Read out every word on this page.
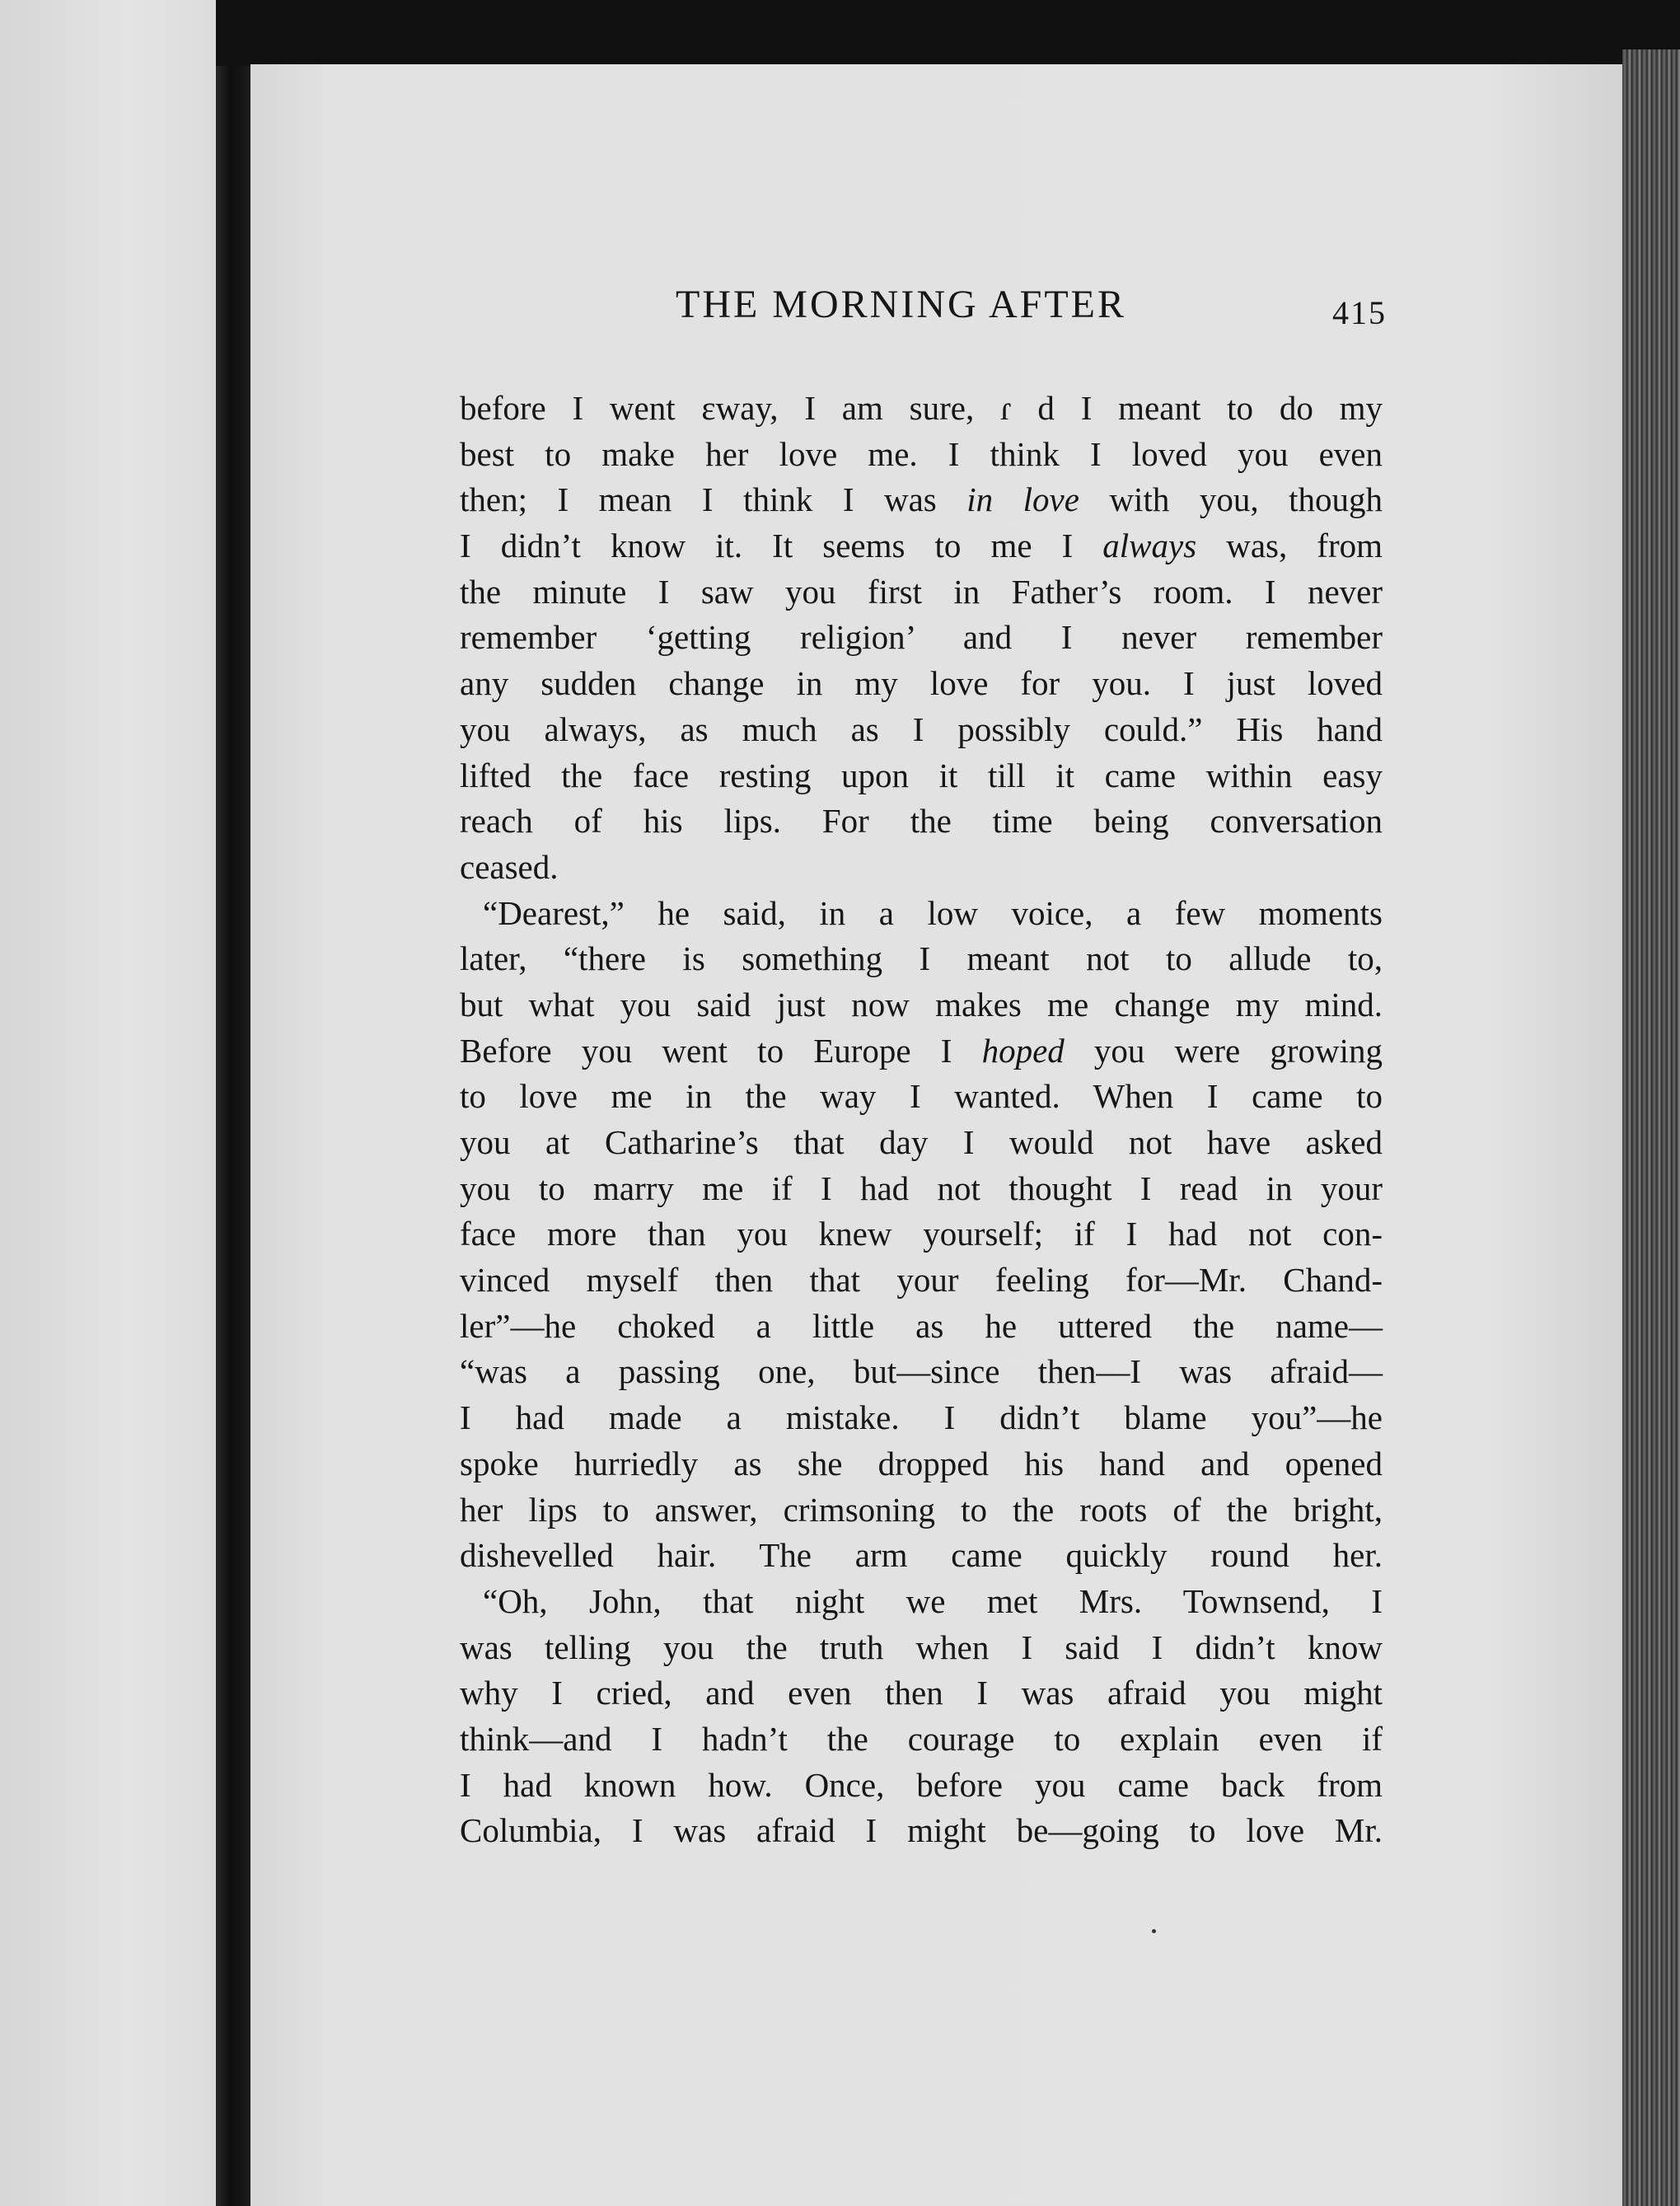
THE MORNING AFTER	415
before I went ɛway, I am sure, ɾ d I meant to do my
best to make her love me. I think I loved you even
then; I mean I think I was in love with you, though
I didn’t know it. It seems to me I always was, from
the minute I saw you first in Father’s room. I never
remember ‘getting religion’ and I never remember
any sudden change in my love for you. I just loved
you always, as much as I possibly could.” His hand
lifted the face resting upon it till it came within easy
reach of his lips. For the time being conversation
ceased.
“Dearest,” he said, in a low voice, a few moments
later, “there is something I meant not to allude to,
but what you said just now makes me change my mind.
Before you went to Europe I hoped you were growing
to love me in the way I wanted. When I came to
you at Catharine’s that day I would not have asked
you to marry me if I had not thought I read in your
face more than you knew yourself; if I had not con-
vinced myself then that your feeling for—Mr. Chand-
ler”—he choked a little as he uttered the name—
“was a passing one, but—since then—I was afraid—
I had made a mistake. I didn’t blame you”—he
spoke hurriedly as she dropped his hand and opened
her lips to answer, crimsoning to the roots of the bright,
dishevelled hair. The arm came quickly round her.
“Oh, John, that night we met Mrs. Townsend, I
was telling you the truth when I said I didn’t know
why I cried, and even then I was afraid you might
think—and I hadn’t the courage to explain even if
I had known how. Once, before you came back from
Columbia, I was afraid I might be—going to love Mr.
